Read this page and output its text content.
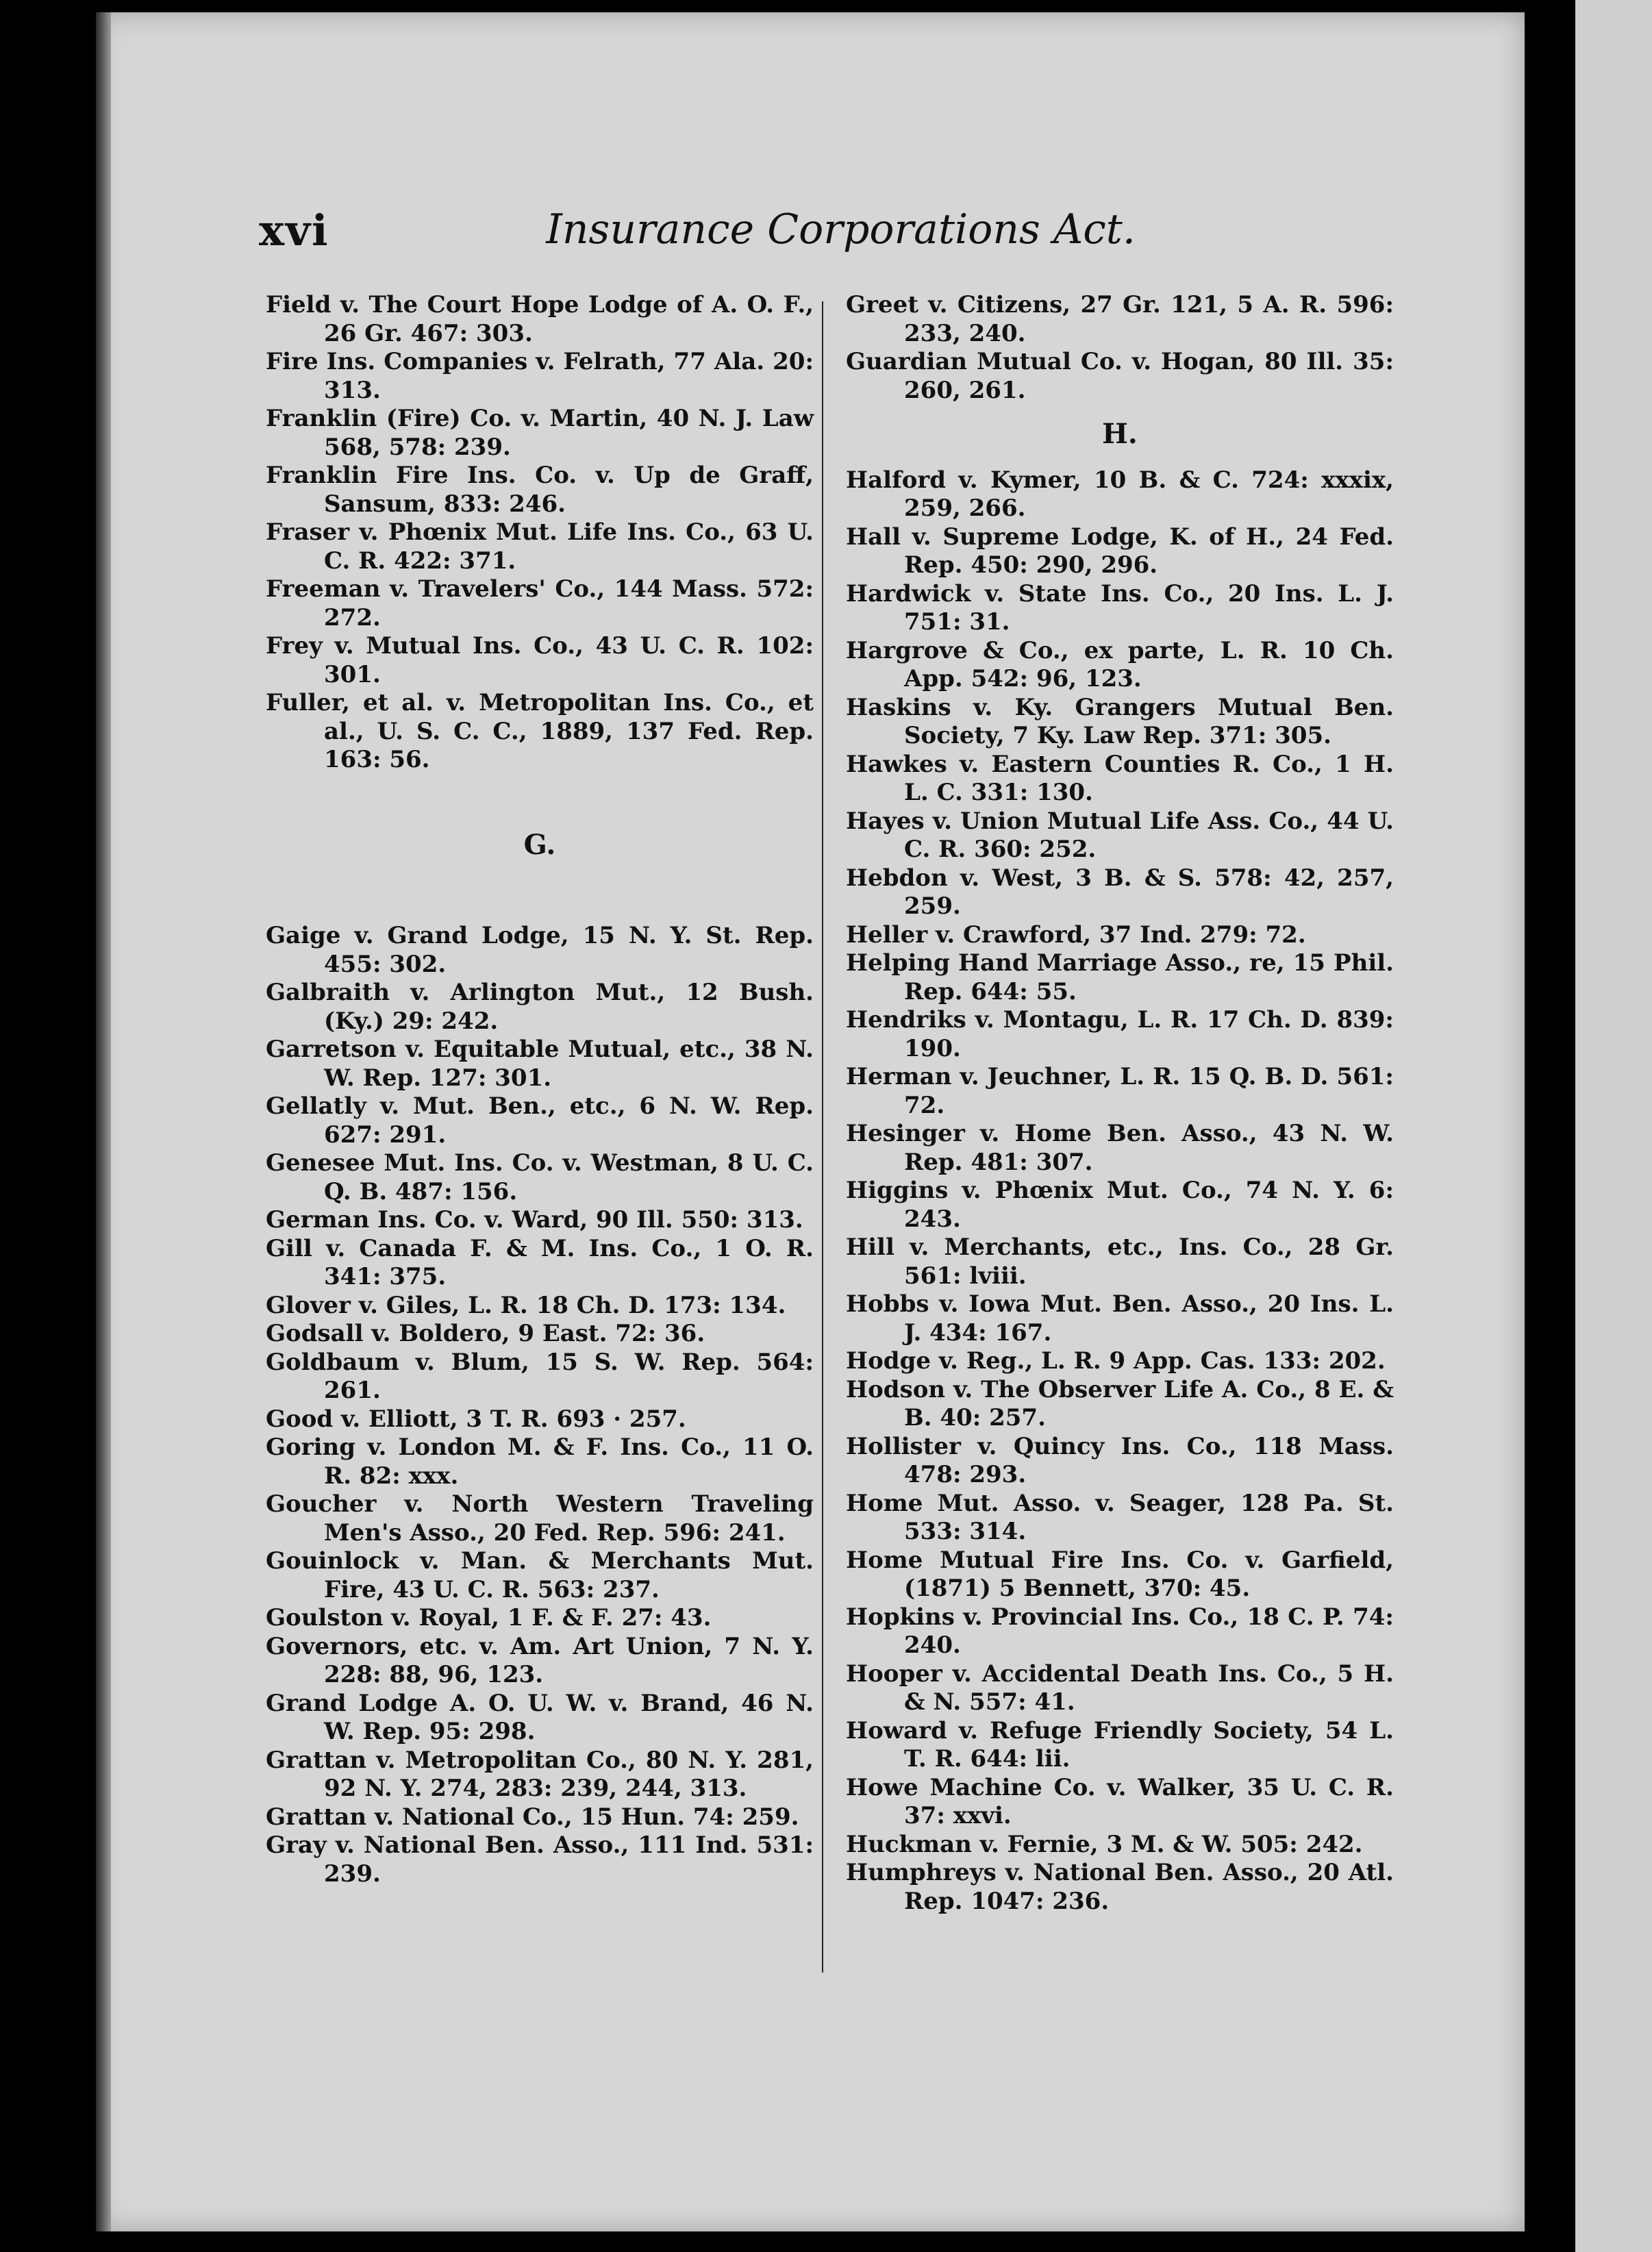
xvi	Insurance Corporations Act.

Field v. The Court Hope Lodge of A. O. F., 26 Gr. 467: 303.

Fire Ins. Companies v. Felrath, 77 Ala. 20: 313.

Franklin (Fire) Co. v. Martin, 40 N. J. Law 568, 578: 239.

Franklin Fire Ins. Co. v. Up de Graff, Sansum, 833: 246.

Fraser v. Phœnix Mut. Life Ins. Co., 63 U. C. R. 422: 371.

Freeman v. Travelers' Co., 144 Mass. 572: 272.

Frey v. Mutual Ins. Co., 43 U. C. R. 102: 301.

Fuller, et al. v. Metropolitan Ins. Co., et al., U. S. C. C., 1889, 137 Fed. Rep. 163: 56.

G.

Gaige v. Grand Lodge, 15 N. Y. St. Rep. 455: 302.

Galbraith v. Arlington Mut., 12 Bush. (Ky.) 29: 242.

Garretson v. Equitable Mutual, etc., 38 N. W. Rep. 127: 301.

Gellatly v. Mut. Ben., etc., 6 N. W. Rep. 627: 291.

Genesee Mut. Ins. Co. v. Westman, 8 U. C. Q. B. 487: 156.

German Ins. Co. v. Ward, 90 Ill. 550: 313.

Gill v. Canada F. & M. Ins. Co., 1 O. R. 341: 375.

Glover v. Giles, L. R. 18 Ch. D. 173: 134.

Godsall v. Boldero, 9 East. 72: 36.

Goldbaum v. Blum, 15 S. W. Rep. 564: 261.

Good v. Elliott, 3 T. R. 693 · 257.

Goring v. London M. & F. Ins. Co., 11 O. R. 82: xxx.

Goucher v. North Western Traveling Men's Asso., 20 Fed. Rep. 596: 241.

Gouinlock v. Man. & Merchants Mut. Fire, 43 U. C. R. 563: 237.

Goulston v. Royal, 1 F. & F. 27: 43.

Governors, etc. v. Am. Art Union, 7 N. Y. 228: 88, 96, 123.

Grand Lodge A. O. U. W. v. Brand, 46 N. W. Rep. 95: 298.

Grattan v. Metropolitan Co., 80 N. Y. 281, 92 N. Y. 274, 283: 239, 244, 313.

Grattan v. National Co., 15 Hun. 74: 259.

Gray v. National Ben. Asso., 111 Ind. 531: 239.

Greet v. Citizens, 27 Gr. 121, 5 A. R. 596: 233, 240.

Guardian Mutual Co. v. Hogan, 80 Ill. 35: 260, 261.

H.

Halford v. Kymer, 10 B. & C. 724: xxxix, 259, 266.

Hall v. Supreme Lodge, K. of H., 24 Fed. Rep. 450: 290, 296.

Hardwick v. State Ins. Co., 20 Ins. L. J. 751: 31.

Hargrove & Co., ex parte, L. R. 10 Ch. App. 542: 96, 123.

Haskins v. Ky. Grangers Mutual Ben. Society, 7 Ky. Law Rep. 371: 305.

Hawkes v. Eastern Counties R. Co., 1 H. L. C. 331: 130.

Hayes v. Union Mutual Life Ass. Co., 44 U. C. R. 360: 252.

Hebdon v. West, 3 B. & S. 578: 42, 257, 259.

Heller v. Crawford, 37 Ind. 279: 72.

Helping Hand Marriage Asso., re, 15 Phil. Rep. 644: 55.

Hendriks v. Montagu, L. R. 17 Ch. D. 839: 190.

Herman v. Jeuchner, L. R. 15 Q. B. D. 561: 72.

Hesinger v. Home Ben. Asso., 43 N. W. Rep. 481: 307.

Higgins v. Phœnix Mut. Co., 74 N. Y. 6: 243.

Hill v. Merchants, etc., Ins. Co., 28 Gr. 561: lviii.

Hobbs v. Iowa Mut. Ben. Asso., 20 Ins. L. J. 434: 167.

Hodge v. Reg., L. R. 9 App. Cas. 133: 202.

Hodson v. The Observer Life A. Co., 8 E. & B. 40: 257.

Hollister v. Quincy Ins. Co., 118 Mass. 478: 293.

Home Mut. Asso. v. Seager, 128 Pa. St. 533: 314.

Home Mutual Fire Ins. Co. v. Garfield, (1871) 5 Bennett, 370: 45.

Hopkins v. Provincial Ins. Co., 18 C. P. 74: 240.

Hooper v. Accidental Death Ins. Co., 5 H. & N. 557: 41.

Howard v. Refuge Friendly Society, 54 L. T. R. 644: lii.

Howe Machine Co. v. Walker, 35 U. C. R. 37: xxvi.

Huckman v. Fernie, 3 M. & W. 505: 242.

Humphreys v. National Ben. Asso., 20 Atl. Rep. 1047: 236.
